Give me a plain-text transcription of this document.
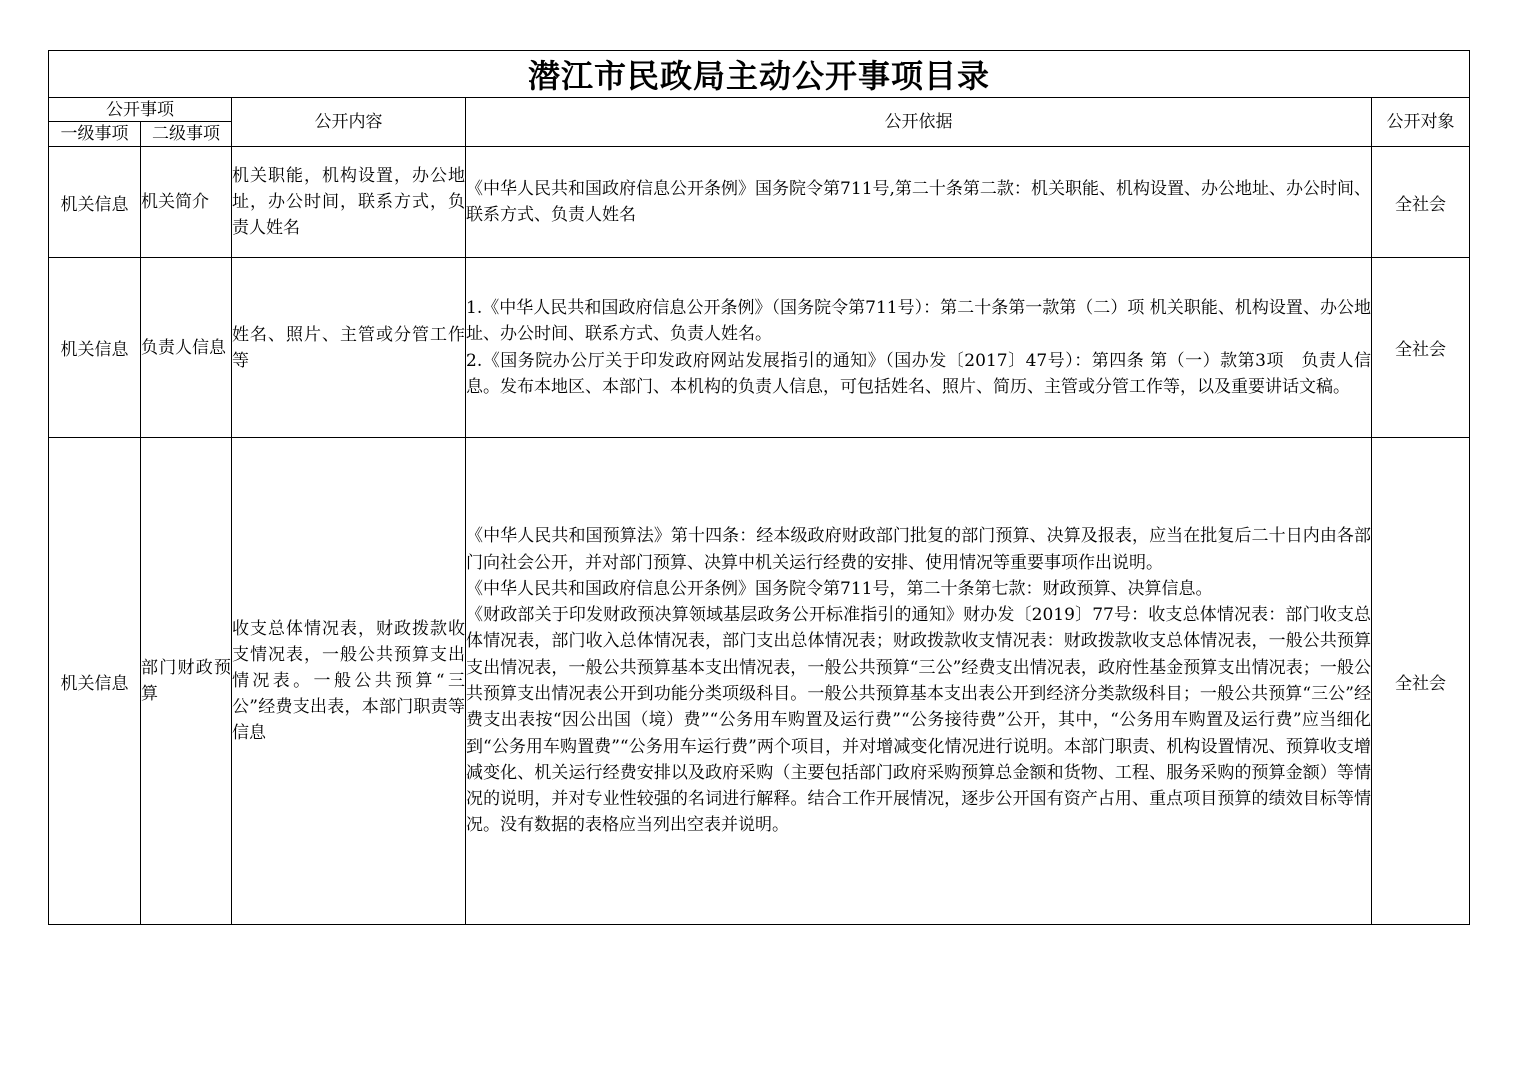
潜江市民政局主动公开事项目录				
公开事项		公开内容	公开依据	公开对象
一级事项	二级事项			
机关信息	机关简介	机关职能，机构设置，办公地址，办公时间，联系方式，负责人姓名	《中华人民共和国政府信息公开条例》国务院令第711号,第二十条第二款：机关职能、机构设置、办公地址、办公时间、联系方式、负责人姓名	全社会
机关信息	负责人信息	姓名、照片、主管或分管工作等	1.《中华人民共和国政府信息公开条例》（国务院令第711号）：第二十条第一款第（二）项 机关职能、机构设置、办公地址、办公时间、联系方式、负责人姓名。

2.《国务院办公厅关于印发政府网站发展指引的通知》（国办发〔2017〕47号）：第四条 第（一）款第3项　负责人信息。发布本地区、本部门、本机构的负责人信息，可包括姓名、照片、简历、主管或分管工作等，以及重要讲话文稿。	全社会
机关信息	部门财政预算	收支总体情况表，财政拨款收支情况表，一般公共预算支出情况表。一般公共预算“三公”经费支出表，本部门职责等信息	《中华人民共和国预算法》第十四条：经本级政府财政部门批复的部门预算、决算及报表，应当在批复后二十日内由各部门向社会公开，并对部门预算、决算中机关运行经费的安排、使用情况等重要事项作出说明。

《中华人民共和国政府信息公开条例》国务院令第711号，第二十条第七款：财政预算、决算信息。

《财政部关于印发财政预决算领域基层政务公开标准指引的通知》财办发〔2019〕77号：收支总体情况表：部门收支总体情况表，部门收入总体情况表，部门支出总体情况表；财政拨款收支情况表：财政拨款收支总体情况表，一般公共预算支出情况表，一般公共预算基本支出情况表，一般公共预算“三公”经费支出情况表，政府性基金预算支出情况表；一般公共预算支出情况表公开到功能分类项级科目。一般公共预算基本支出表公开到经济分类款级科目；一般公共预算“三公”经费支出表按“因公出国（境）费”“公务用车购置及运行费”“公务接待费”公开，其中，“公务用车购置及运行费”应当细化到“公务用车购置费”“公务用车运行费”两个项目，并对增减变化情况进行说明。本部门职责、机构设置情况、预算收支增减变化、机关运行经费安排以及政府采购（主要包括部门政府采购预算总金额和货物、工程、服务采购的预算金额）等情况的说明，并对专业性较强的名词进行解释。结合工作开展情况，逐步公开国有资产占用、重点项目预算的绩效目标等情况。没有数据的表格应当列出空表并说明。	全社会
